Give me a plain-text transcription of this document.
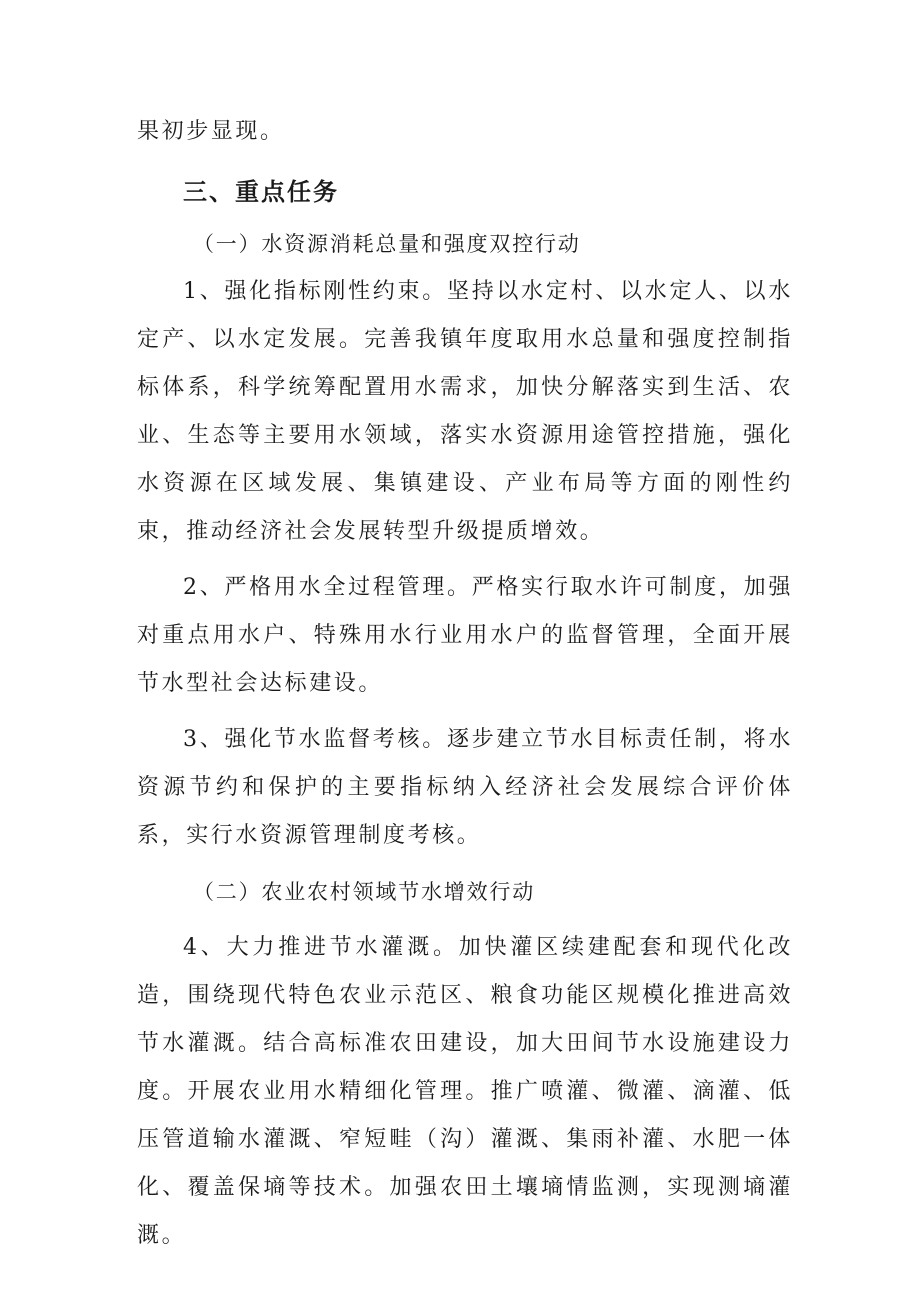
果初步显现。

三、重点任务

（一）水资源消耗总量和强度双控行动

1、强化指标刚性约束。坚持以水定村、以水定人、以水定产、以水定发展。完善我镇年度取用水总量和强度控制指标体系，科学统筹配置用水需求，加快分解落实到生活、农业、生态等主要用水领域，落实水资源用途管控措施，强化水资源在区域发展、集镇建设、产业布局等方面的刚性约束，推动经济社会发展转型升级提质增效。

2、严格用水全过程管理。严格实行取水许可制度，加强对重点用水户、特殊用水行业用水户的监督管理，全面开展节水型社会达标建设。

3、强化节水监督考核。逐步建立节水目标责任制，将水资源节约和保护的主要指标纳入经济社会发展综合评价体系，实行水资源管理制度考核。

（二）农业农村领域节水增效行动

4、大力推进节水灌溉。加快灌区续建配套和现代化改造，围绕现代特色农业示范区、粮食功能区规模化推进高效节水灌溉。结合高标准农田建设，加大田间节水设施建设力度。开展农业用水精细化管理。推广喷灌、微灌、滴灌、低压管道输水灌溉、窄短畦（沟）灌溉、集雨补灌、水肥一体化、覆盖保墒等技术。加强农田土壤墒情监测，实现测墒灌溉。
